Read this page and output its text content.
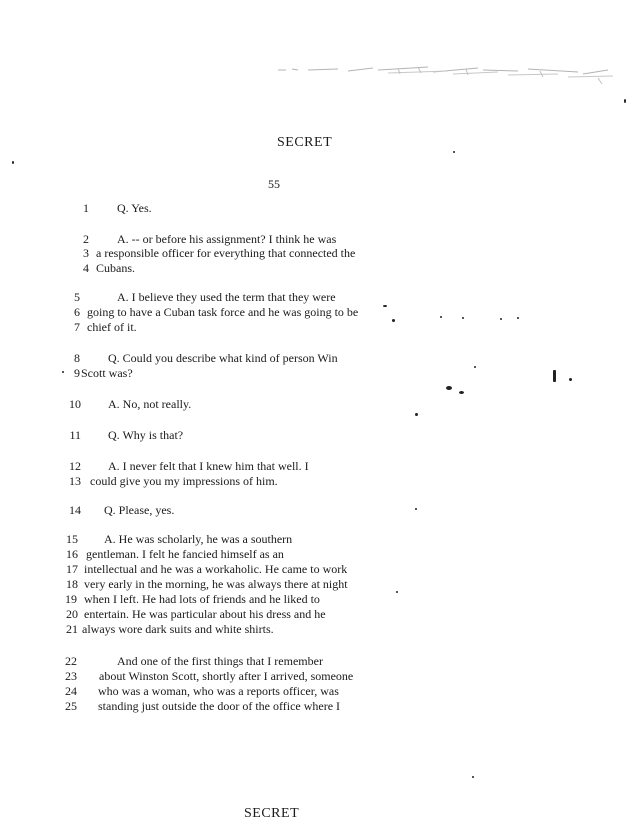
SECRET
55
1 Q. Yes.
2 A. -- or before his assignment? I think he was
3 a responsible officer for everything that connected the
4 Cubans.
5	A. I believe they used the term that they were
6 going to have a Cuban task force and he was going to be
7 chief of it.
8 Q. Could you describe what kind of person Win
9 Scott was?
10 A. No, not really.
11 Q. Why is that?
12 A. I never felt that I knew him that well. I
13 could give you my impressions of him.
14 Q. Please, yes.
15 A. He was scholarly, he was a southern
16 gentleman. I felt he fancied himself as an
17 intellectual and he was a workaholic. He came to work
18 very early in the morning, he was always there at night
19 when I left. He had lots of friends and he liked to
20 entertain. He was particular about his dress and he
21 always wore dark suits and white shirts.
22	And one of the first things that I remember
23 about Winston Scott, shortly after I arrived, someone
24 who was a woman, who was a reports officer, was
25 standing just outside the door of the office where I
SECRET
